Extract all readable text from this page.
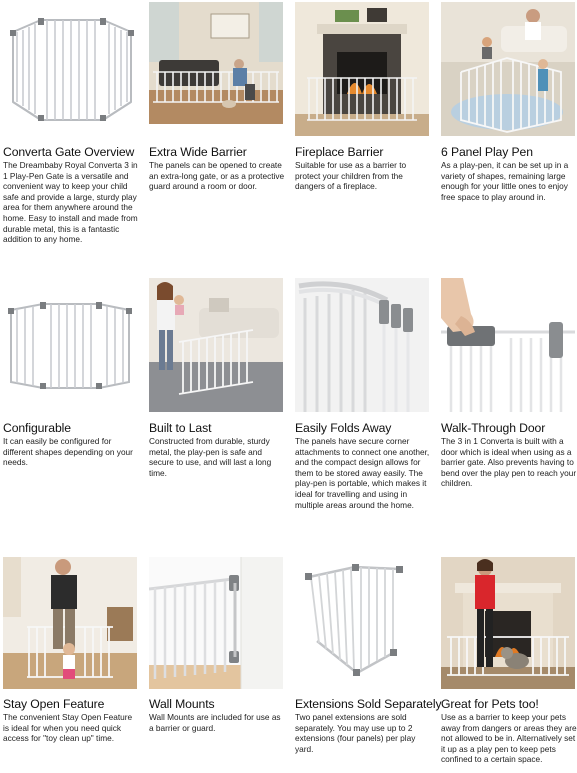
Converta Gate Overview
The Dreambaby Royal Converta 3 in 1 Play-Pen Gate is a versatile and convenient way to keep your child safe and provide a large, sturdy play area for them anywhere around the home. Easy to install and made from durable metal, this is a fantastic addition to any home.
Extra Wide Barrier
The panels can be opened to create an extra-long gate, or as a protective guard around a room or door.
Fireplace Barrier
Suitable for use as a barrier to protect your children from the dangers of a fireplace.
6 Panel Play Pen
As a play-pen, it can be set up in a variety of shapes, remaining large enough for your little ones to enjoy free space to play around in.
Configurable
It can easily be configured for different shapes depending on your needs.
Built to Last
Constructed from durable, sturdy metal, the play-pen is safe and secure to use, and will last a long time.
Easily Folds Away
The panels have secure corner attachments to connect one another, and the compact design allows for them to be stored away easily. The play-pen is portable, which makes it ideal for travelling and using in multiple areas around the home.
Walk-Through Door
The 3 in 1 Converta is built with a door which is ideal when using as a barrier gate. Also prevents having to bend over the play pen to reach your children.
Stay Open Feature
The convenient Stay Open Feature is ideal for when you need quick access for "toy clean up" time.
Wall Mounts
Wall Mounts are included for use as a barrier or guard.
Extensions Sold Separately
Two panel extensions are sold separately. You may use up to 2 extensions (four panels) per play yard.
Great for Pets too!
Use as a barrier to keep your pets away from dangers or areas they are not allowed to be in. Alternatively set it up as a play pen to keep pets confined to a certain space.
